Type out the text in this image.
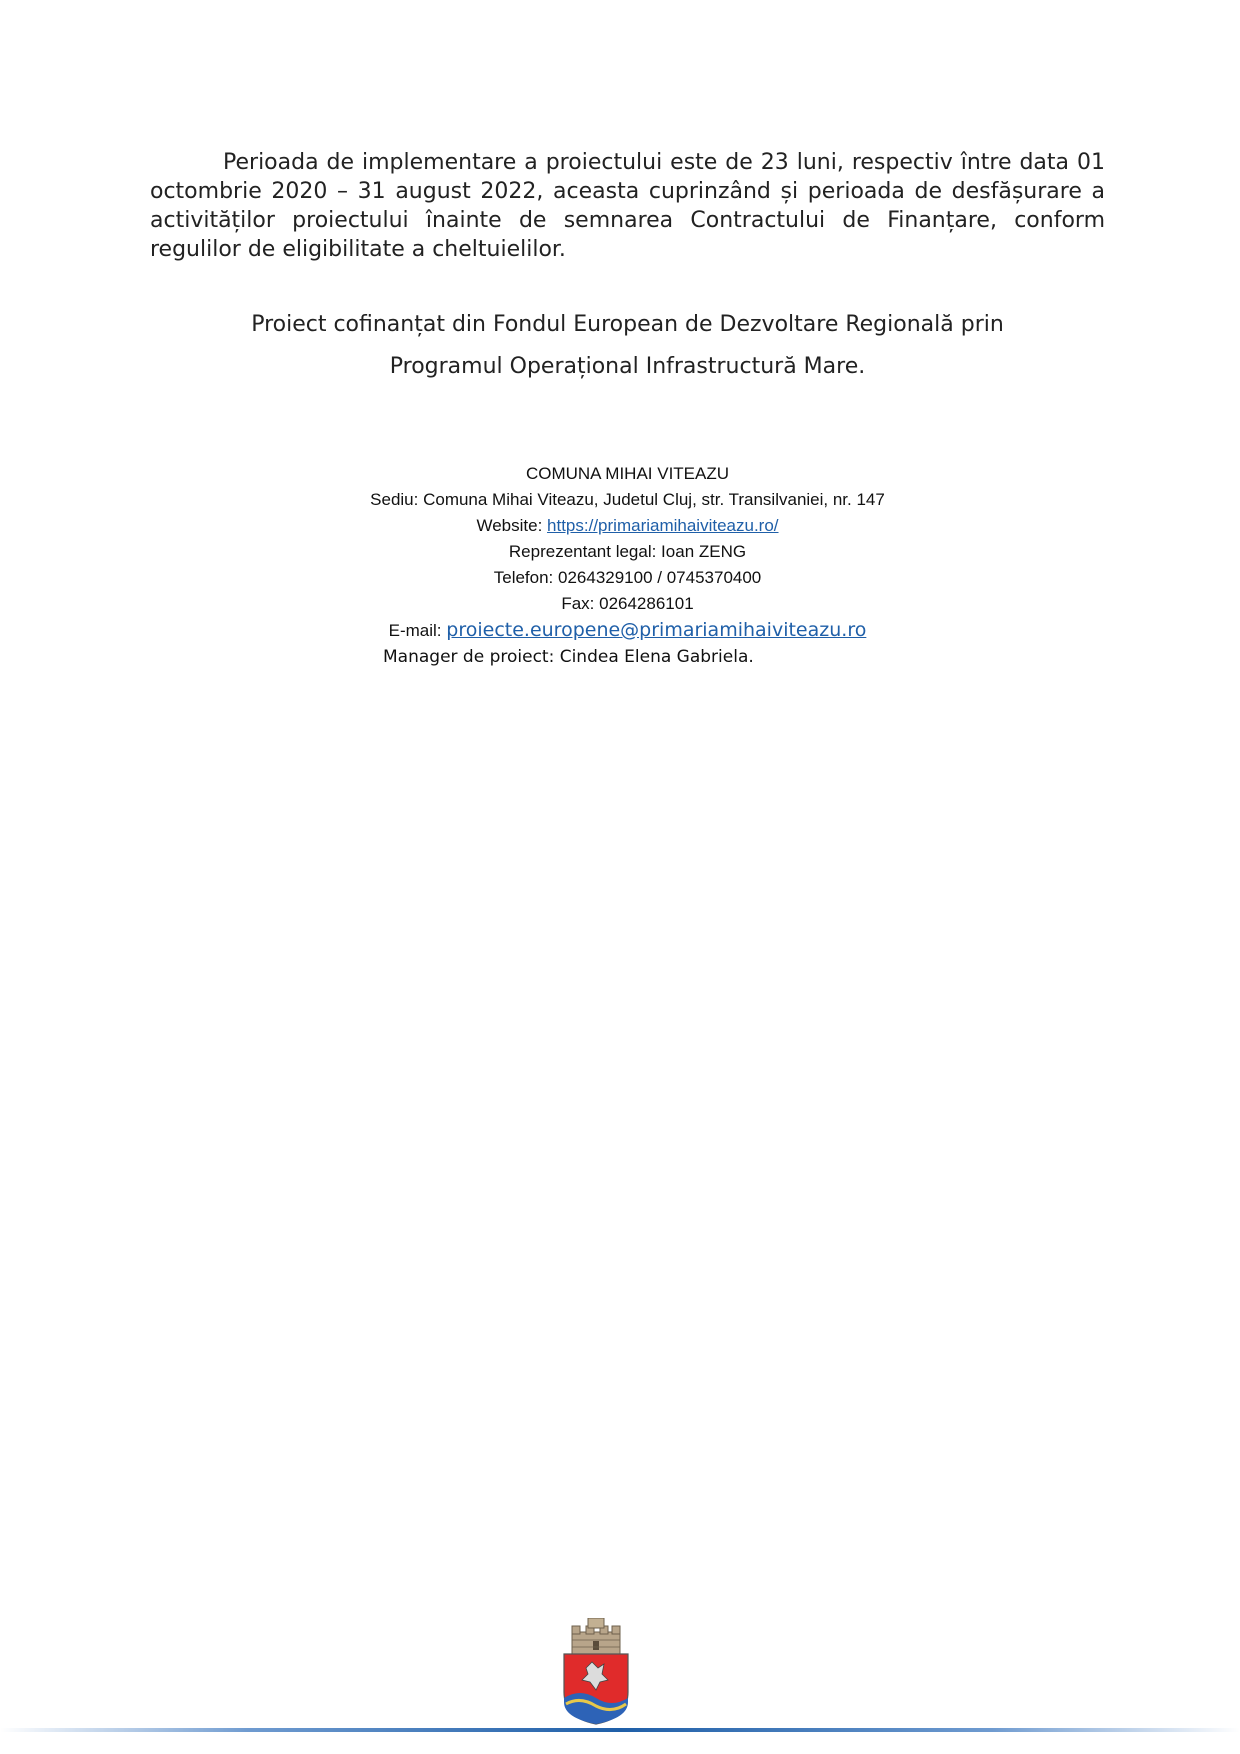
Perioada de implementare a proiectului este de 23 luni, respectiv între data 01 octombrie 2020 – 31 august 2022, aceasta cuprinzând și perioada de desfășurare a activităților proiectului înainte de semnarea Contractului de Finanțare, conform regulilor de eligibilitate a cheltuielilor.

Proiect cofinanțat din Fondul European de Dezvoltare Regională prin
Programul Operațional Infrastructură Mare.
COMUNA MIHAI VITEAZU
Sediu: Comuna Mihai Viteazu, Judetul Cluj, str. Transilvaniei, nr. 147
Website: https://primariamihaiviteazu.ro/
Reprezentant legal: Ioan ZENG
Telefon: 0264329100 / 0745370400
Fax: 0264286101
E-mail: proiecte.europene@primariamihaiviteazu.ro
Manager de proiect: Cindea Elena Gabriela.
